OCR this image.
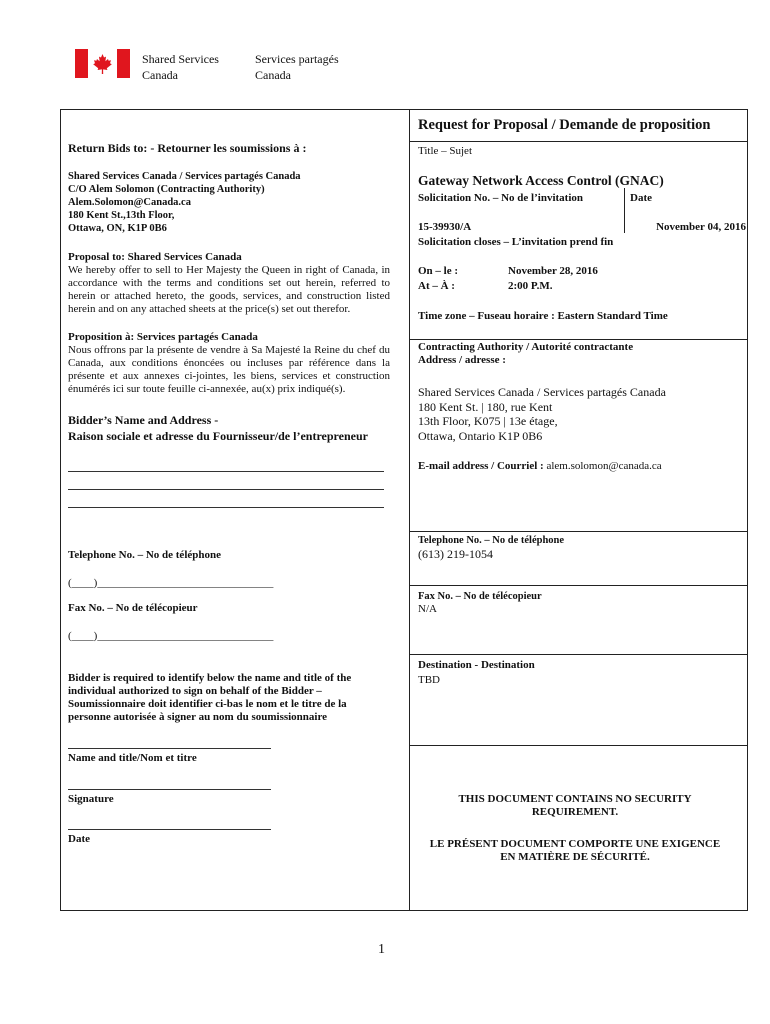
Shared Services
Canada
Services partagés
Canada
Return Bids to: - Retourner les soumissions à :
Shared Services Canada / Services partagés Canada
C/O Alem Solomon (Contracting Authority)
Alem.Solomon@Canada.ca
180 Kent St.,13th Floor,
Ottawa, ON, K1P 0B6
Proposal to: Shared Services Canada
We hereby offer to sell to Her Majesty the Queen in right of Canada, in accordance with the terms and conditions set out herein, referred to herein or attached hereto, the goods, services, and construction listed herein and on any attached sheets at the price(s) set out therefor.
Proposition à: Services partagés Canada
Nous offrons par la présente de vendre à Sa Majesté la Reine du chef du Canada, aux conditions énoncées ou incluses par référence dans la présente et aux annexes ci-jointes, les biens, services et construction énumérés ici sur toute feuille ci-annexée, au(x) prix indiqué(s).
Bidder’s Name and Address -
Raison sociale et adresse du Fournisseur/de l’entrepreneur
Telephone No. – No de téléphone
(____)________________________________
Fax No. – No de télécopieur
(____)________________________________
Bidder is required to identify below the name and title of the individual authorized to sign on behalf of the Bidder – Soumissionnaire doit identifier ci-bas le nom et le titre de la personne autorisée à signer au nom du soumissionnaire
Name and title/Nom et titre
Signature
Date
Request for Proposal / Demande de proposition
Title – Sujet
Gateway Network Access Control (GNAC)
Solicitation No. – No de l’invitation	Date
15-39930/A	November 04, 2016
Solicitation closes – L’invitation prend fin
On – le :	November 28, 2016
At – À :	2:00 P.M.
Time zone – Fuseau horaire : Eastern Standard Time
Contracting Authority / Autorité contractante
Address / adresse :
Shared Services Canada / Services partagés Canada
180 Kent St. | 180, rue Kent
13th Floor, K075 | 13e étage,
Ottawa, Ontario K1P 0B6
E-mail address / Courriel : alem.solomon@canada.ca
Telephone No. – No de téléphone
(613) 219-1054
Fax No. – No de télécopieur
N/A
Destination - Destination
TBD
THIS DOCUMENT CONTAINS NO SECURITY REQUIREMENT.
LE PRÉSENT DOCUMENT COMPORTE UNE EXIGENCE EN MATIÈRE DE SÉCURITÉ.
1
